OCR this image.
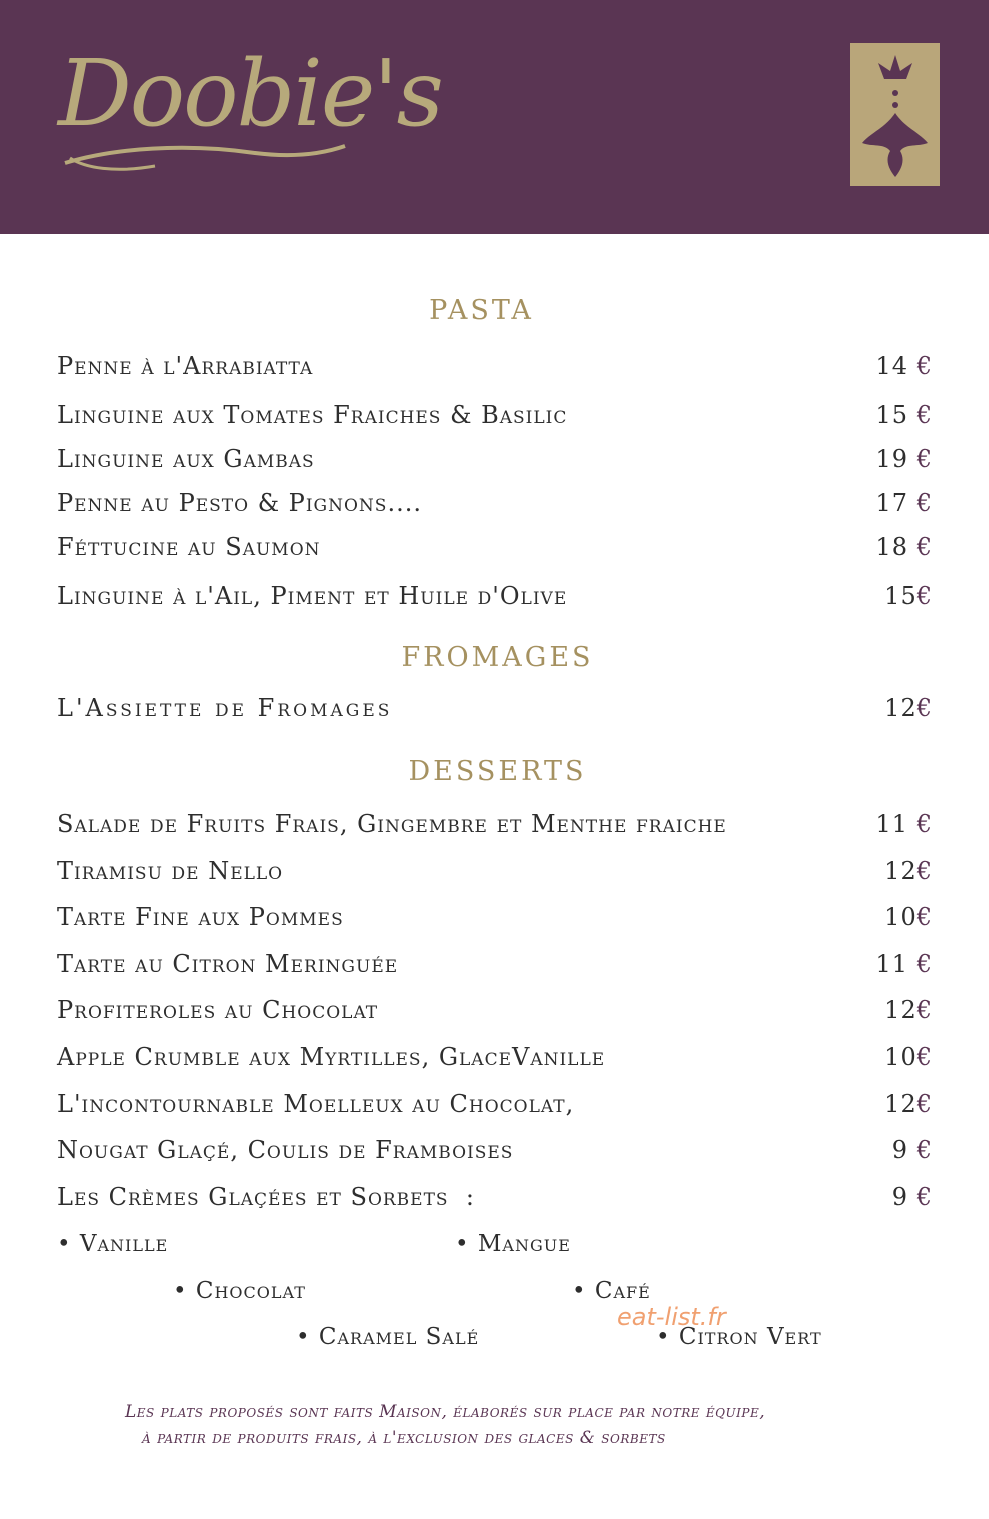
Doobie's
PASTA
Penne à l'Arrabiatta	14 €
Linguine aux Tomates Fraiches & Basilic	15 €
Linguine aux Gambas	19 €
Penne au Pesto & Pignons....	17 €
Féttucine au Saumon	18 €
Linguine à l'Ail, Piment et Huile d'Olive	15€
FROMAGES
L'Assiette de Fromages	12€
DESSERTS
Salade de Fruits Frais, Gingembre et Menthe fraiche	11 €
Tiramisu de Nello	12€
Tarte Fine aux Pommes	10€
Tarte au Citron Meringuée	11 €
Profiteroles au Chocolat	12€
Apple Crumble aux Myrtilles, GlaceVanille	10€
L'incontournable Moelleux au Chocolat,	12€
Nougat Glaçé, Coulis de Framboises	9 €
Les Crèmes Glaçées et Sorbets  :	9 €
• Vanille	• Mangue
• Chocolat	• Café
• Caramel Salé	• Citron Vert
eat-list.fr
Les plats proposés sont faits Maison, élaborés sur place par notre équipe,
à partir de produits frais, à l'exclusion des glaces & sorbets
